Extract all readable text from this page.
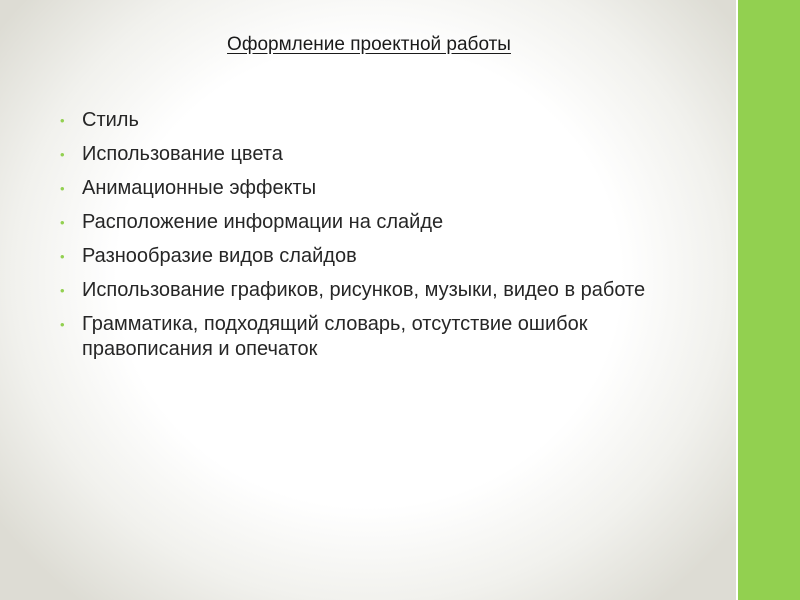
Оформление проектной работы
• Стиль
• Использование цвета
• Анимационные эффекты
• Расположение информации на слайде
• Разнообразие видов слайдов
• Использование графиков, рисунков, музыки, видео в работе
• Грамматика, подходящий словарь, отсутствие ошибок правописания и опечаток
